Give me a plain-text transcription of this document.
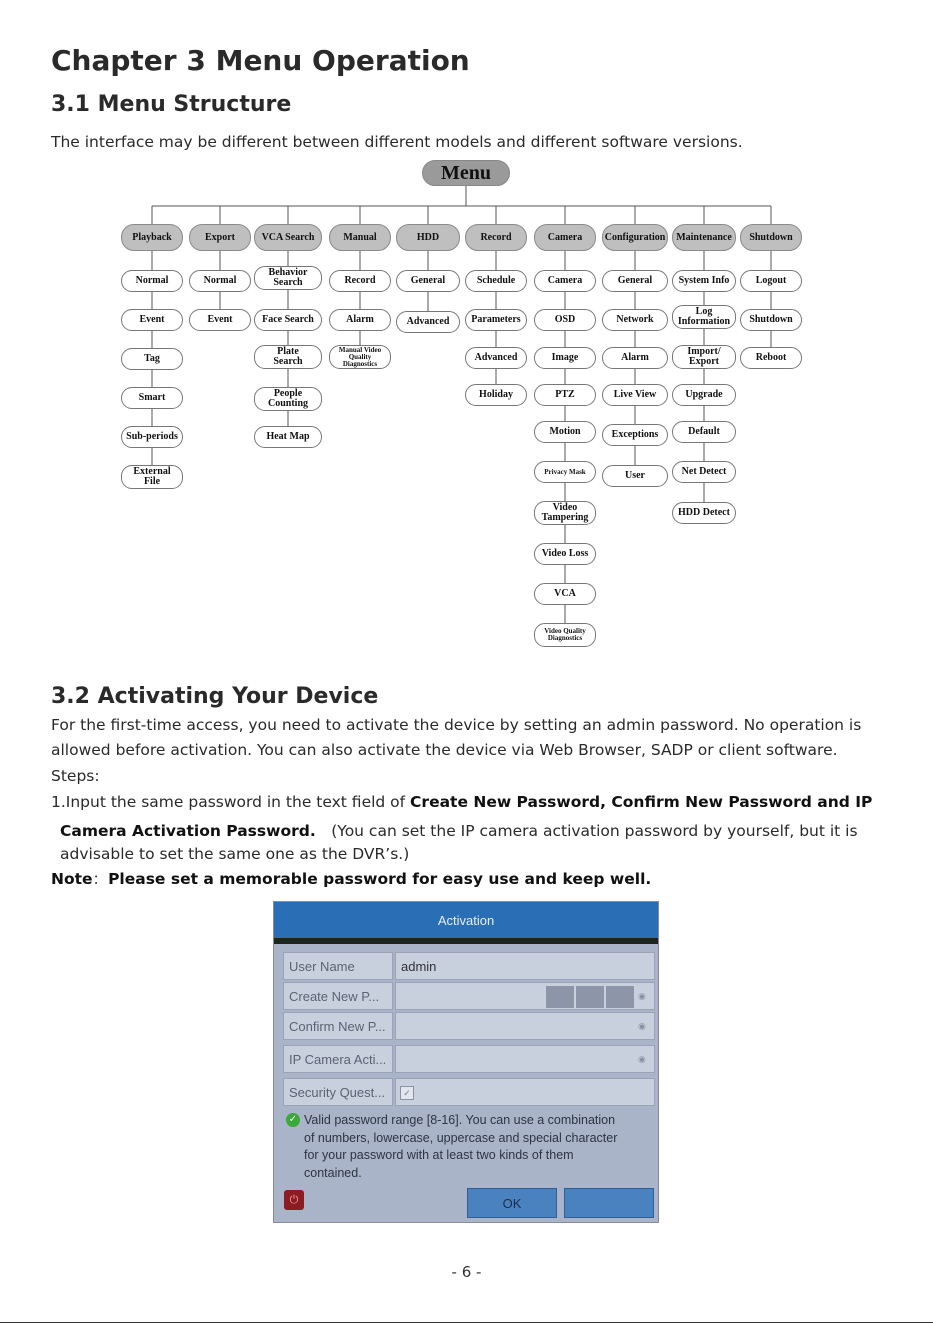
Chapter 3 Menu Operation
3.1 Menu Structure
The interface may be different between different models and different software versions.
Menu
Playback
Normal
Event
Tag
Smart
Sub-periods
External
File
Export
Normal
Event
VCA Search
Behavior
Search
Face Search
Plate
Search
People
Counting
Heat Map
Manual
Record
Alarm
Manual Video
Quality
Diagnostics
HDD
General
Advanced
Record
Schedule
Parameters
Advanced
Holiday
Camera
Camera
OSD
Image
PTZ
Motion
Privacy Mask
Video
Tampering
Video Loss
VCA
Video Quality
Diagnostics
Configuration
General
Network
Alarm
Live View
Exceptions
User
Maintenance
System Info
Log
Information
Import/
Export
Upgrade
Default
Net Detect
HDD Detect
Shutdown
Logout
Shutdown
Reboot
3.2 Activating Your Device
For the first-time access, you need to activate the device by setting an admin password. No operation is
allowed before activation. You can also activate the device via Web Browser, SADP or client software.
Steps:
1.Input the same password in the text field of Create New Password, Confirm New Password and IP
Camera Activation Password.　(You can set the IP camera activation password by yourself, but it is
advisable to set the same one as the DVR’s.)
Note：Please set a memorable password for easy use and keep well.
Activation
User Name	admin
Create New P...	◉
Confirm New P...	◉
IP Camera Acti...	◉
Security Quest...	✓
✓ Valid password range [8-16]. You can use a combination
of numbers, lowercase, uppercase and special character
for your password with at least two kinds of them
contained.
⏻	OK	Cancel
- 6 -
